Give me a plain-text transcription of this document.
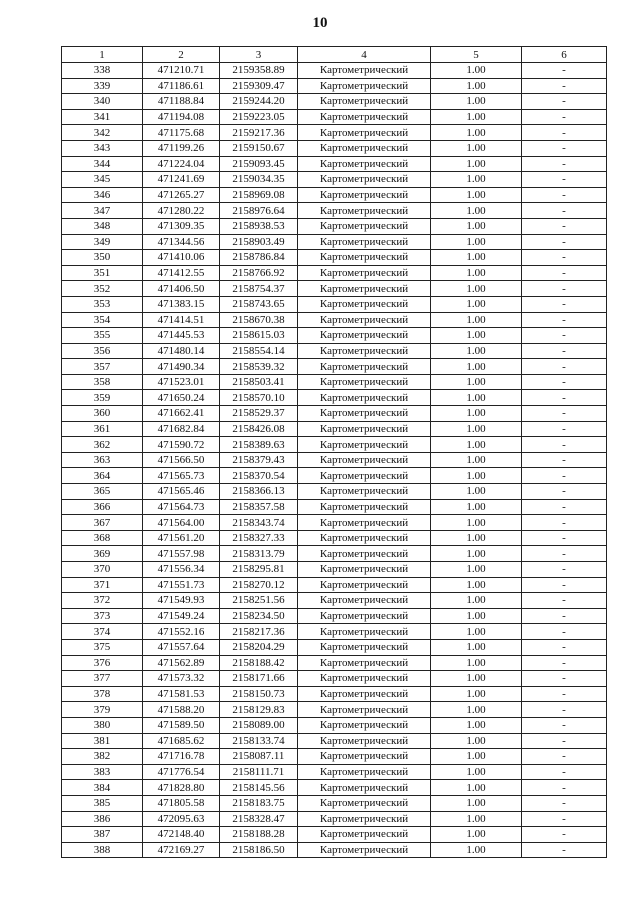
10
1	2	3	4	5	6
338	471210.71	2159358.89	Картометрический	1.00	-
339	471186.61	2159309.47	Картометрический	1.00	-
340	471188.84	2159244.20	Картометрический	1.00	-
341	471194.08	2159223.05	Картометрический	1.00	-
342	471175.68	2159217.36	Картометрический	1.00	-
343	471199.26	2159150.67	Картометрический	1.00	-
344	471224.04	2159093.45	Картометрический	1.00	-
345	471241.69	2159034.35	Картометрический	1.00	-
346	471265.27	2158969.08	Картометрический	1.00	-
347	471280.22	2158976.64	Картометрический	1.00	-
348	471309.35	2158938.53	Картометрический	1.00	-
349	471344.56	2158903.49	Картометрический	1.00	-
350	471410.06	2158786.84	Картометрический	1.00	-
351	471412.55	2158766.92	Картометрический	1.00	-
352	471406.50	2158754.37	Картометрический	1.00	-
353	471383.15	2158743.65	Картометрический	1.00	-
354	471414.51	2158670.38	Картометрический	1.00	-
355	471445.53	2158615.03	Картометрический	1.00	-
356	471480.14	2158554.14	Картометрический	1.00	-
357	471490.34	2158539.32	Картометрический	1.00	-
358	471523.01	2158503.41	Картометрический	1.00	-
359	471650.24	2158570.10	Картометрический	1.00	-
360	471662.41	2158529.37	Картометрический	1.00	-
361	471682.84	2158426.08	Картометрический	1.00	-
362	471590.72	2158389.63	Картометрический	1.00	-
363	471566.50	2158379.43	Картометрический	1.00	-
364	471565.73	2158370.54	Картометрический	1.00	-
365	471565.46	2158366.13	Картометрический	1.00	-
366	471564.73	2158357.58	Картометрический	1.00	-
367	471564.00	2158343.74	Картометрический	1.00	-
368	471561.20	2158327.33	Картометрический	1.00	-
369	471557.98	2158313.79	Картометрический	1.00	-
370	471556.34	2158295.81	Картометрический	1.00	-
371	471551.73	2158270.12	Картометрический	1.00	-
372	471549.93	2158251.56	Картометрический	1.00	-
373	471549.24	2158234.50	Картометрический	1.00	-
374	471552.16	2158217.36	Картометрический	1.00	-
375	471557.64	2158204.29	Картометрический	1.00	-
376	471562.89	2158188.42	Картометрический	1.00	-
377	471573.32	2158171.66	Картометрический	1.00	-
378	471581.53	2158150.73	Картометрический	1.00	-
379	471588.20	2158129.83	Картометрический	1.00	-
380	471589.50	2158089.00	Картометрический	1.00	-
381	471685.62	2158133.74	Картометрический	1.00	-
382	471716.78	2158087.11	Картометрический	1.00	-
383	471776.54	2158111.71	Картометрический	1.00	-
384	471828.80	2158145.56	Картометрический	1.00	-
385	471805.58	2158183.75	Картометрический	1.00	-
386	472095.63	2158328.47	Картометрический	1.00	-
387	472148.40	2158188.28	Картометрический	1.00	-
388	472169.27	2158186.50	Картометрический	1.00	-
